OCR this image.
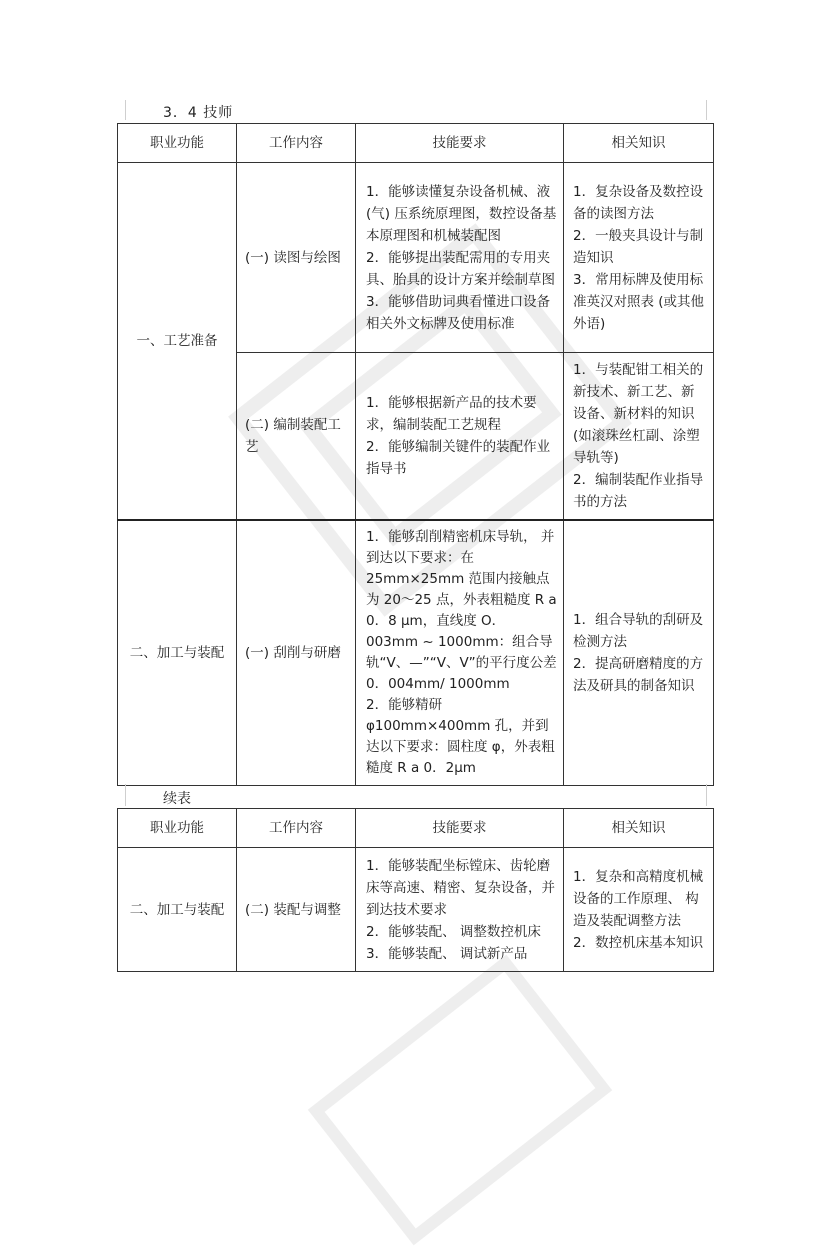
3．4 技师
职业功能	工作内容	技能要求	相关知识
一、工艺准备	(一) 读图与绘图	1．能够读懂复杂设备机械、液(气) 压系统原理图，数控设备基本原理图和机械装配图
2．能够提出装配需用的专用夹具、胎具的设计方案并绘制草图
3．能够借助词典看懂进口设备相关外文标牌及使用标准	1．复杂设备及数控设备的读图方法
2．一般夹具设计与制造知识
3．常用标牌及使用标准英汉对照表 (或其他外语)

	(二) 编制装配工艺	1．能够根据新产品的技术要求，编制装配工艺规程
2．能够编制关键件的装配作业指导书	1．与装配钳工相关的新技术、新工艺、新设备、新材料的知识 (如滚珠丝杠副、涂塑导轨等)
2．编制装配作业指导书的方法

二、加工与装配	(一) 刮削与研磨	1．能够刮削精密机床导轨， 并到达以下要求：在 25mm×25mm 范围内接触点为 20～25 点，外表粗糙度 R a 0．8 μm，直线度 O．003mm ~ 1000mm：组合导轨“V、—”“V、V”的平行度公差 0．004mm/ 1000mm
2．能够精研 φ100mm×400mm 孔，并到达以下要求：圆柱度 φ，外表粗糙度 R a 0．2μm	1．组合导轨的刮研及检测方法
2．提高研磨精度的方法及研具的制备知识
续表
职业功能	工作内容	技能要求	相关知识
二、加工与装配	(二) 装配与调整	1．能够装配坐标镗床、齿轮磨床等高速、精密、复杂设备，并到达技术要求
2．能够装配、 调整数控机床
3．能够装配、 调试新产品	1．复杂和高精度机械设备的工作原理、 构造及装配调整方法
2．数控机床基本知识
